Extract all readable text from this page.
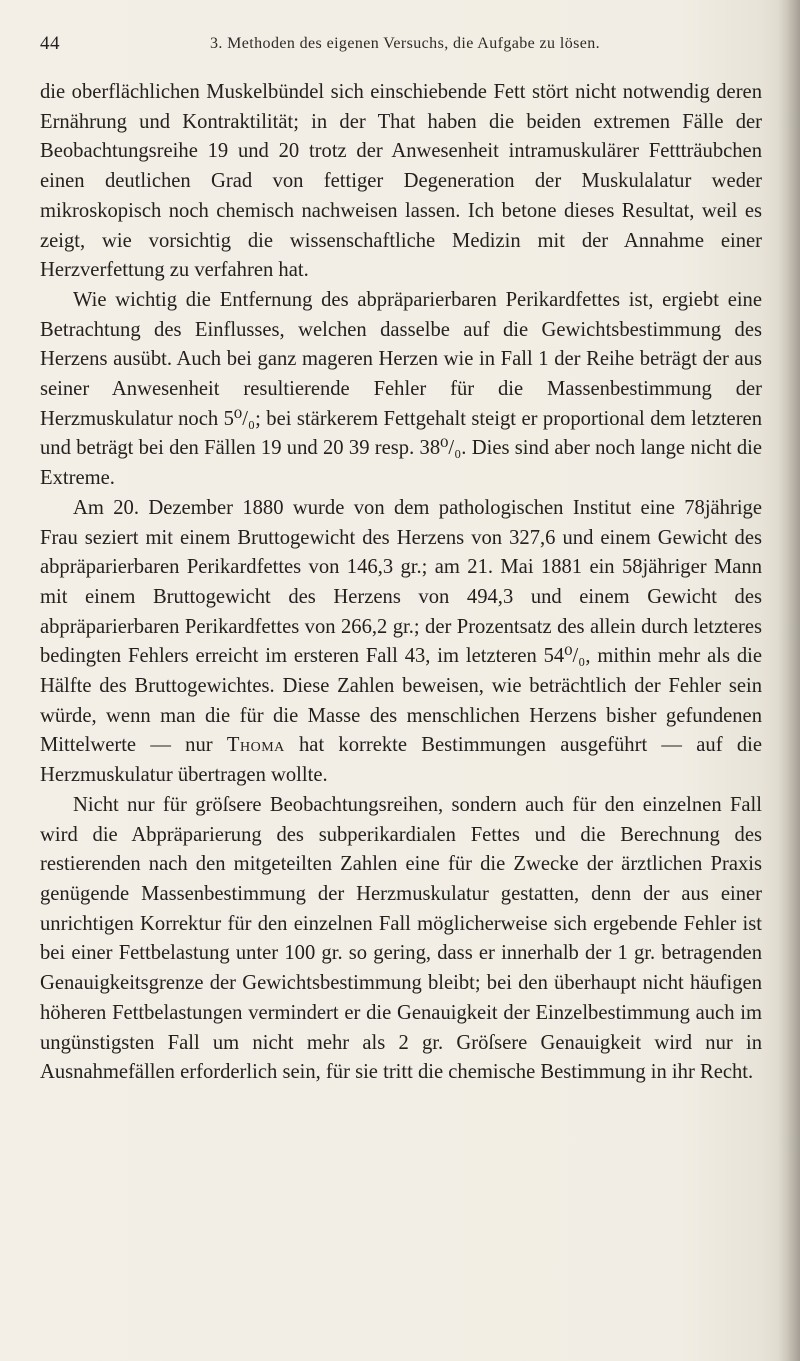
44	3. Methoden des eigenen Versuchs, die Aufgabe zu lösen.

die oberflächlichen Muskelbündel sich einschiebende Fett stört nicht notwendig deren Ernährung und Kontraktilität; in der That haben die beiden extremen Fälle der Beobachtungsreihe 19 und 20 trotz der Anwesenheit intramuskulärer Fettträubchen einen deutlichen Grad von fettiger Degeneration der Muskulalatur weder mikroskopisch noch chemisch nachweisen lassen. Ich betone dieses Resultat, weil es zeigt, wie vorsichtig die wissenschaftliche Medizin mit der Annahme einer Herzverfettung zu verfahren hat.

Wie wichtig die Entfernung des abpräparierbaren Perikardfettes ist, ergiebt eine Betrachtung des Einflusses, welchen dasselbe auf die Gewichtsbestimmung des Herzens ausübt. Auch bei ganz mageren Herzen wie in Fall 1 der Reihe beträgt der aus seiner Anwesenheit resultierende Fehler für die Massenbestimmung der Herzmuskulatur noch 5⁰/₀; bei stärkerem Fettgehalt steigt er proportional dem letzteren und beträgt bei den Fällen 19 und 20 39 resp. 38⁰/₀. Dies sind aber noch lange nicht die Extreme.

Am 20. Dezember 1880 wurde von dem pathologischen Institut eine 78jährige Frau seziert mit einem Bruttogewicht des Herzens von 327,6 und einem Gewicht des abpräparierbaren Perikardfettes von 146,3 gr.; am 21. Mai 1881 ein 58jähriger Mann mit einem Bruttogewicht des Herzens von 494,3 und einem Gewicht des abpräparierbaren Perikardfettes von 266,2 gr.; der Prozentsatz des allein durch letzteres bedingten Fehlers erreicht im ersteren Fall 43, im letzteren 54⁰/₀, mithin mehr als die Hälfte des Bruttogewichtes. Diese Zahlen beweisen, wie beträchtlich der Fehler sein würde, wenn man die für die Masse des menschlichen Herzens bisher gefundenen Mittelwerte — nur Thoma hat korrekte Bestimmungen ausgeführt — auf die Herzmuskulatur übertragen wollte.

Nicht nur für gröſsere Beobachtungsreihen, sondern auch für den einzelnen Fall wird die Abpräparierung des subperikardialen Fettes und die Berechnung des restierenden nach den mitgeteilten Zahlen eine für die Zwecke der ärztlichen Praxis genügende Massenbestimmung der Herzmuskulatur gestatten, denn der aus einer unrichtigen Korrektur für den einzelnen Fall möglicherweise sich ergebende Fehler ist bei einer Fettbelastung unter 100 gr. so gering, dass er innerhalb der 1 gr. betragenden Genauigkeitsgrenze der Gewichtsbestimmung bleibt; bei den überhaupt nicht häufigen höheren Fettbelastungen vermindert er die Genauigkeit der Einzelbestimmung auch im ungünstigsten Fall um nicht mehr als 2 gr. Gröſsere Genauigkeit wird nur in Ausnahmefällen erforderlich sein, für sie tritt die chemische Bestimmung in ihr Recht.
